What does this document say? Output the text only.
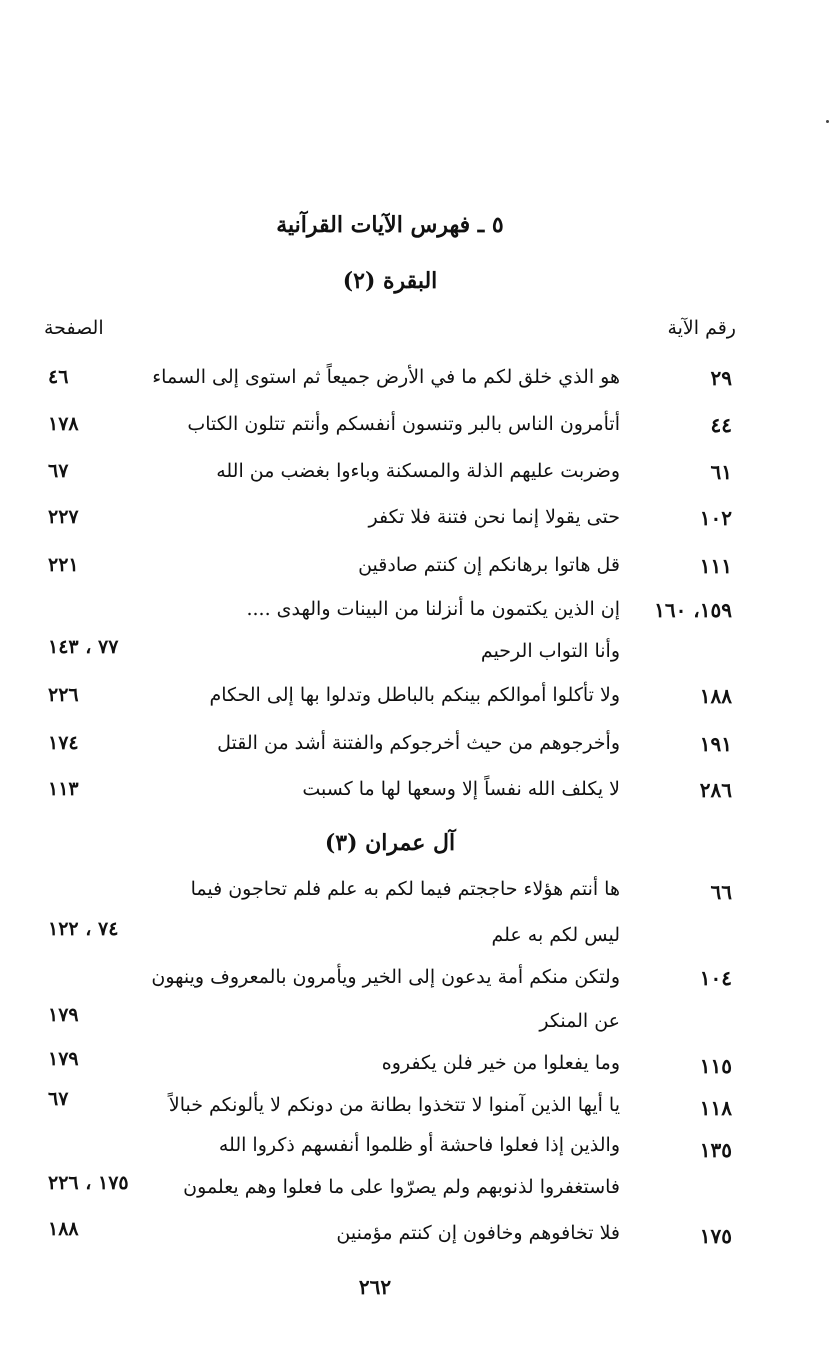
٥ ـ فهرس الآيات القرآنية
البقرة (٢)
رقم الآية
الصفحة
٢٩
هو الذي خلق لكم ما في الأرض جميعاً ثم استوى إلى السماء
٤٦
٤٤
أتأمرون الناس بالبر وتنسون أنفسكم وأنتم تتلون الكتاب
١٧٨
٦١
وضربت عليهم الذلة والمسكنة وباءوا بغضب من الله
٦٧
١٠٢
حتى يقولا إنما نحن فتنة فلا تكفر
٢٢٧
١١١
قل هاتوا برهانكم إن كنتم صادقين
٢٢١
١٥٩، ١٦٠
إن الذين يكتمون ما أنزلنا من البينات والهدى ....
وأنا التواب الرحيم
٧٧ ، ١٤٣
١٨٨
ولا تأكلوا أموالكم بينكم بالباطل وتدلوا بها إلى الحكام
٢٢٦
١٩١
وأخرجوهم من حيث أخرجوكم والفتنة أشد من القتل
١٧٤
٢٨٦
لا يكلف الله نفساً إلا وسعها لها ما كسبت
١١٣
آل عمران (٣)
٦٦
ها أنتم هؤلاء حاججتم فيما لكم به علم فلم تحاجون فيما
ليس لكم به علم
٧٤ ، ١٢٢
١٠٤
ولتكن منكم أمة يدعون إلى الخير ويأمرون بالمعروف وينهون
عن المنكر
١٧٩
١١٥
وما يفعلوا من خير فلن يكفروه
١٧٩
١١٨
يا أيها الذين آمنوا لا تتخذوا بطانة من دونكم لا يألونكم خبالاً
٦٧
١٣٥
والذين إذا فعلوا فاحشة أو ظلموا أنفسهم ذكروا الله
فاستغفروا لذنوبهم ولم يصرّوا على ما فعلوا وهم يعلمون
١٧٥ ، ٢٢٦
١٧٥
فلا تخافوهم وخافون إن كنتم مؤمنين
١٨٨
٢٦٢
